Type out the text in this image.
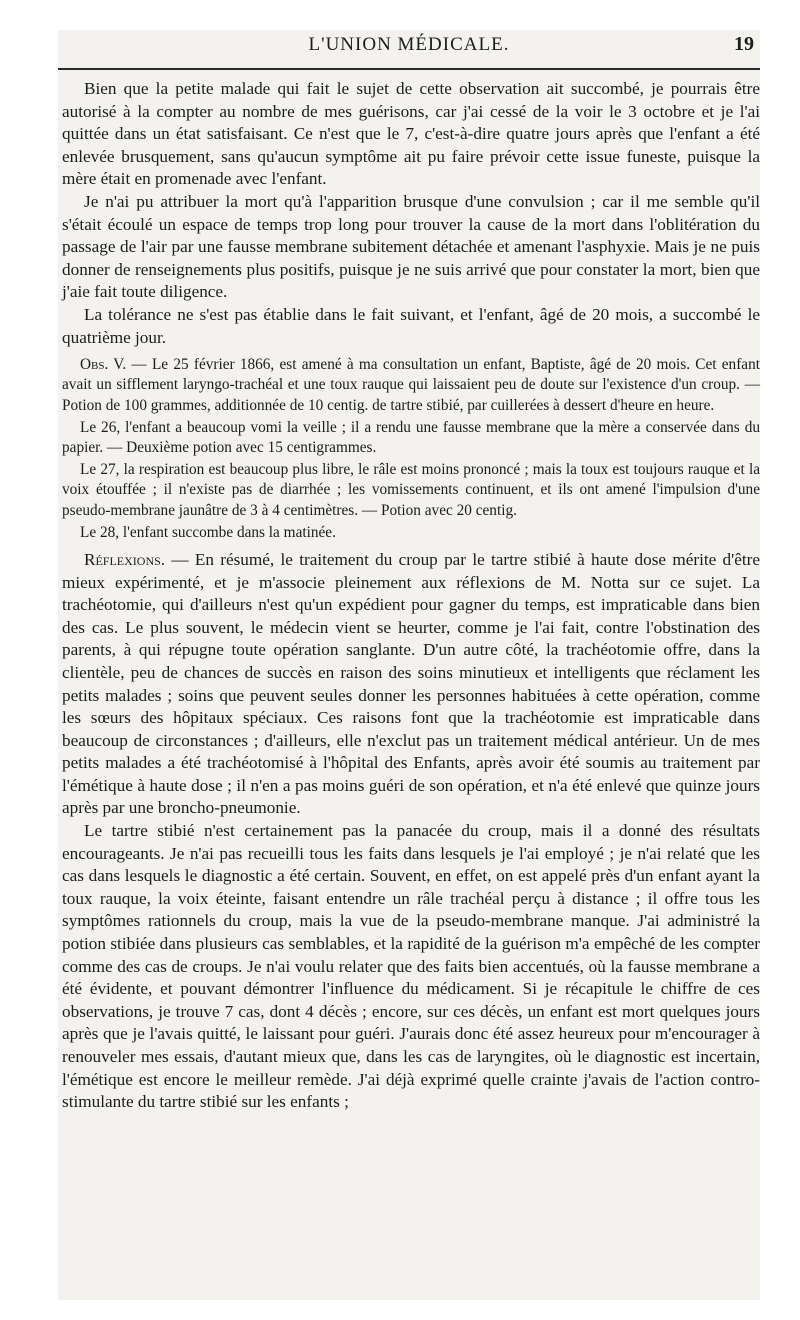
L'UNION MÉDICALE.	19

Bien que la petite malade qui fait le sujet de cette observation ait succombé, je pourrais être autorisé à la compter au nombre de mes guérisons, car j'ai cessé de la voir le 3 octobre et je l'ai quittée dans un état satisfaisant. Ce n'est que le 7, c'est-à-dire quatre jours après que l'enfant a été enlevée brusquement, sans qu'aucun symptôme ait pu faire prévoir cette issue funeste, puisque la mère était en promenade avec l'enfant.

Je n'ai pu attribuer la mort qu'à l'apparition brusque d'une convulsion ; car il me semble qu'il s'était écoulé un espace de temps trop long pour trouver la cause de la mort dans l'oblitération du passage de l'air par une fausse membrane subitement détachée et amenant l'asphyxie. Mais je ne puis donner de renseignements plus positifs, puisque je ne suis arrivé que pour constater la mort, bien que j'aie fait toute diligence.

La tolérance ne s'est pas établie dans le fait suivant, et l'enfant, âgé de 20 mois, a succombé le quatrième jour.

Obs. V. — Le 25 février 1866, est amené à ma consultation un enfant, Baptiste, âgé de 20 mois. Cet enfant avait un sifflement laryngo-trachéal et une toux rauque qui laissaient peu de doute sur l'existence d'un croup. — Potion de 100 grammes, additionnée de 10 centig. de tartre stibié, par cuillerées à dessert d'heure en heure.

Le 26, l'enfant a beaucoup vomi la veille ; il a rendu une fausse membrane que la mère a conservée dans du papier. — Deuxième potion avec 15 centigrammes.

Le 27, la respiration est beaucoup plus libre, le râle est moins prononcé ; mais la toux est toujours rauque et la voix étouffée ; il n'existe pas de diarrhée ; les vomissements continuent, et ils ont amené l'impulsion d'une pseudo-membrane jaunâtre de 3 à 4 centimètres. — Potion avec 20 centig.

Le 28, l'enfant succombe dans la matinée.

Réflexions. — En résumé, le traitement du croup par le tartre stibié à haute dose mérite d'être mieux expérimenté, et je m'associe pleinement aux réflexions de M. Notta sur ce sujet. La trachéotomie, qui d'ailleurs n'est qu'un expédient pour gagner du temps, est impraticable dans bien des cas. Le plus souvent, le médecin vient se heurter, comme je l'ai fait, contre l'obstination des parents, à qui répugne toute opération sanglante. D'un autre côté, la trachéotomie offre, dans la clientèle, peu de chances de succès en raison des soins minutieux et intelligents que réclament les petits malades ; soins que peuvent seules donner les personnes habituées à cette opération, comme les sœurs des hôpitaux spéciaux. Ces raisons font que la trachéotomie est impraticable dans beaucoup de circonstances ; d'ailleurs, elle n'exclut pas un traitement médical antérieur. Un de mes petits malades a été trachéotomisé à l'hôpital des Enfants, après avoir été soumis au traitement par l'émétique à haute dose ; il n'en a pas moins guéri de son opération, et n'a été enlevé que quinze jours après par une broncho-pneumonie.

Le tartre stibié n'est certainement pas la panacée du croup, mais il a donné des résultats encourageants. Je n'ai pas recueilli tous les faits dans lesquels je l'ai employé ; je n'ai relaté que les cas dans lesquels le diagnostic a été certain. Souvent, en effet, on est appelé près d'un enfant ayant la toux rauque, la voix éteinte, faisant entendre un râle trachéal perçu à distance ; il offre tous les symptômes rationnels du croup, mais la vue de la pseudo-membrane manque. J'ai administré la potion stibiée dans plusieurs cas semblables, et la rapidité de la guérison m'a empêché de les compter comme des cas de croups. Je n'ai voulu relater que des faits bien accentués, où la fausse membrane a été évidente, et pouvant démontrer l'influence du médicament. Si je récapitule le chiffre de ces observations, je trouve 7 cas, dont 4 décès ; encore, sur ces décès, un enfant est mort quelques jours après que je l'avais quitté, le laissant pour guéri. J'aurais donc été assez heureux pour m'encourager à renouveler mes essais, d'autant mieux que, dans les cas de laryngites, où le diagnostic est incertain, l'émétique est encore le meilleur remède. J'ai déjà exprimé quelle crainte j'avais de l'action contro-stimulante du tartre stibié sur les enfants ;
